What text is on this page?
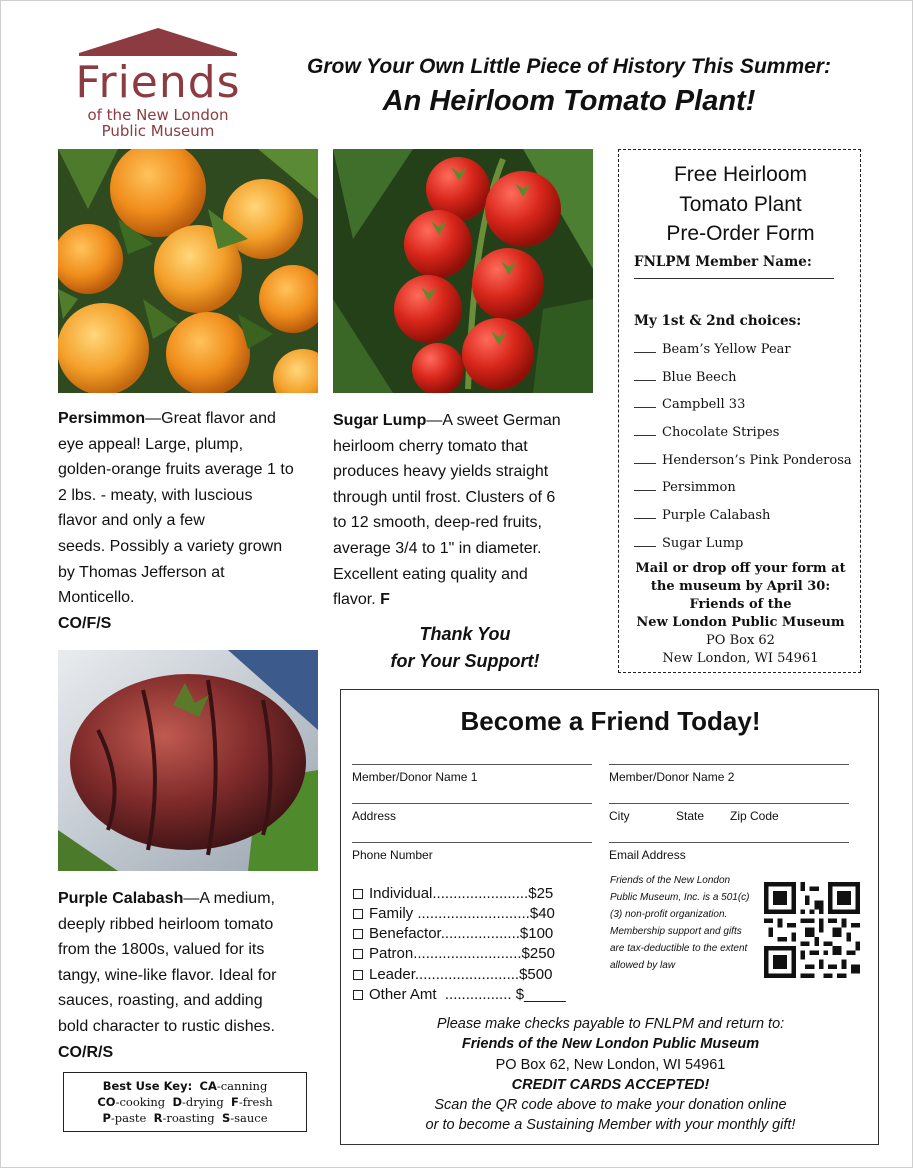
Friends
of the New London
Public Museum
Grow Your Own Little Piece of History This Summer:
An Heirloom Tomato Plant!
Persimmon—Great flavor and
eye appeal! Large, plump,
golden-orange fruits average 1 to
2 lbs. - meaty, with luscious
flavor and only a few
seeds. Possibly a variety grown
by Thomas Jefferson at
Monticello.
CO/F/S
Sugar Lump—A sweet German
heirloom cherry tomato that
produces heavy yields straight
through until frost. Clusters of 6
to 12 smooth, deep-red fruits,
average 3/4 to 1" in diameter.
Excellent eating quality and
flavor. F
Purple Calabash—A medium,
deeply ribbed heirloom tomato
from the 1800s, valued for its
tangy, wine-like flavor. Ideal for
sauces, roasting, and adding
bold character to rustic dishes.
CO/R/S
Thank You
for Your Support!
Free Heirloom
Tomato Plant
Pre-Order Form
FNLPM Member Name:
My 1st & 2nd choices:
Beam’s Yellow Pear
Blue Beech
Campbell 33
Chocolate Stripes
Henderson’s Pink Ponderosa
Persimmon
Purple Calabash
Sugar Lump
Mail or drop off your form at
the museum by April 30:
Friends of the
New London Public Museum
PO Box 62
New London, WI 54961
Become a Friend Today!
Member/Donor Name 1	Member/Donor Name 2
Address	City	State Zip Code
Phone Number	Email Address
Individual.......................$25
Family ...........................$40
Benefactor...................$100
Patron..........................$250
Leader.........................$500
Other Amt  ................ $_____
Friends of the New London Public Museum, Inc. is a 501(c)(3) non-profit organization. Membership support and gifts are tax-deductible to the extent allowed by law
Please make checks payable to FNLPM and return to:
Friends of the New London Public Museum
PO Box 62, New London, WI 54961
CREDIT CARDS ACCEPTED!
Scan the QR code above to make your donation online
or to become a Sustaining Member with your monthly gift!
Best Use Key: CA-canning
CO-cooking D-drying F-fresh
P-paste R-roasting S-sauce
